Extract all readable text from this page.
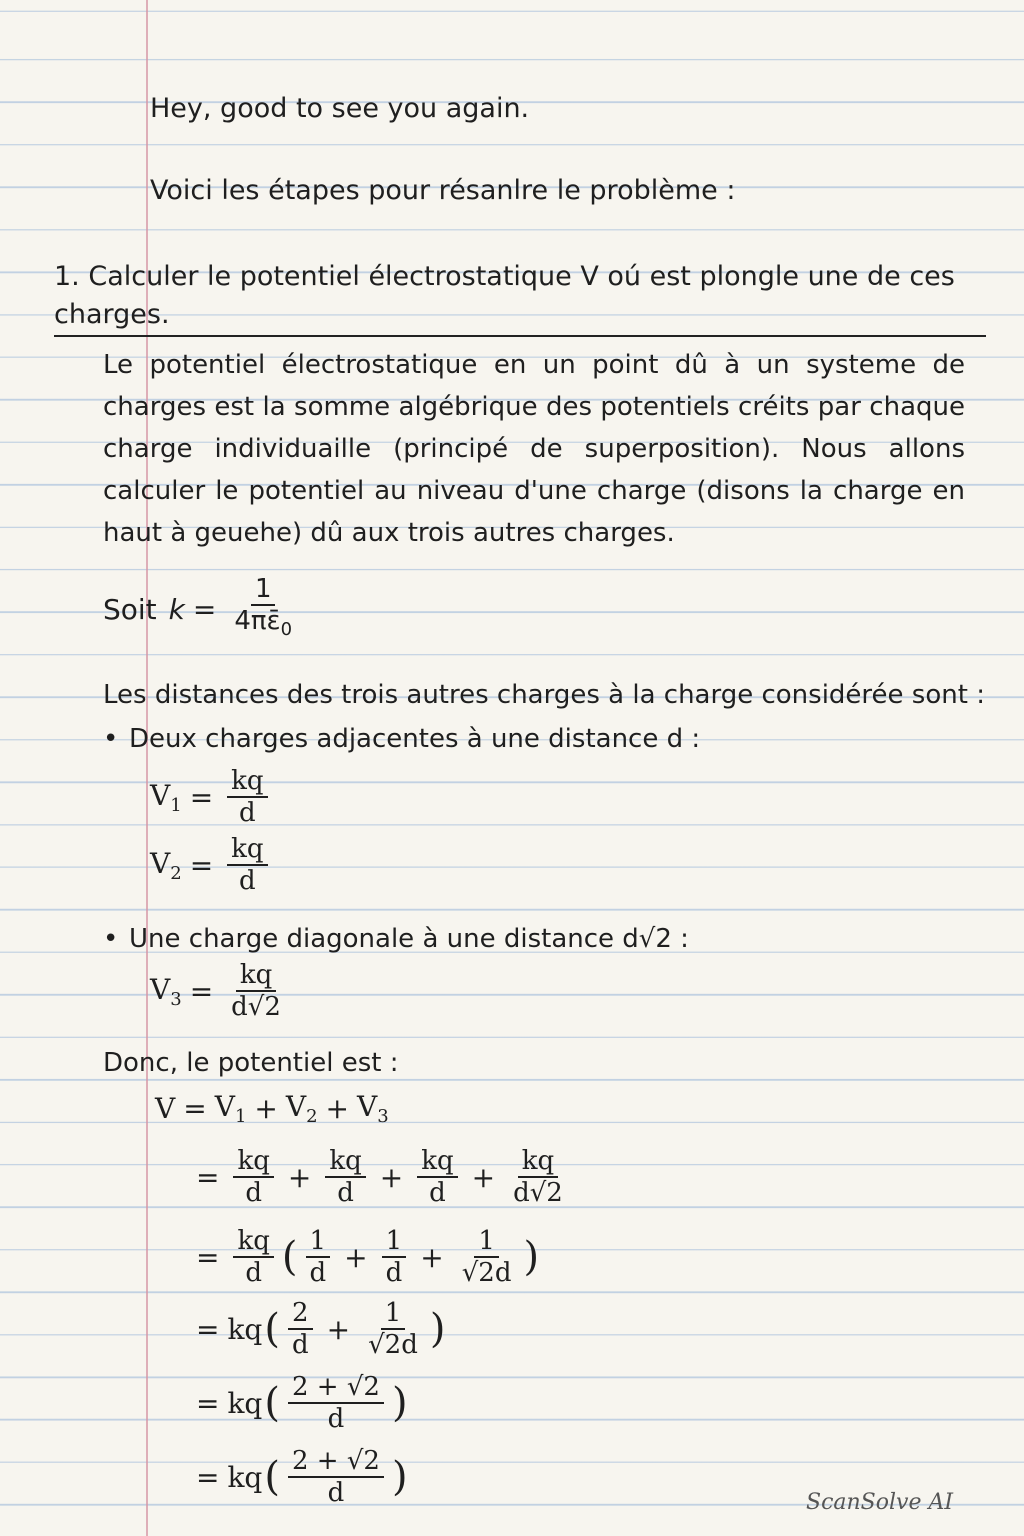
Hey, good to see you again.
Voici les étapes pour résanlre le problème :
1. Calculer le potentiel électrostatique V oú est plongle une de ces charges.
Le potentiel électrostatique en un point dû à un systeme de charges est la somme algébrique des potentiels créits par chaque charge individuaille (principé de superposition). Nous allons calculer le potentiel au niveau d'une charge (disons la charge en haut à geuehe) dû aux trois autres charges.
Soit $k = \frac{1}{4\pi\varepsilon̄_0}$
Les distances des trois autres charges à la charge considérée sont :
• Deux charges adjacentes à une distance d :
$V_1 = \frac{kq}{d}$
$V_2 = \frac{kq}{d}$
• Une charge diagonale à une distance d√2 :
$V_3 = \frac{kq}{d√2}$
Donc, le potentiel est :
$V = V_1 + V_2 + V_3$
= $\frac{kq}{d} + \frac{kq}{d} + \frac{kq}{d} + \frac{kq}{d√2}$
= $\frac{kq}{d}$ ( $\frac{1}{d} + \frac{1}{d} + \frac{1}{√2d}$ )
= kq ( $\frac{2}{d} + \frac{1}{√2d}$ )
= kq ( $\frac{2 + √2}{d}$ )
= kq ( $\frac{2 + √2}{d}$ )
ScanSolve AI
